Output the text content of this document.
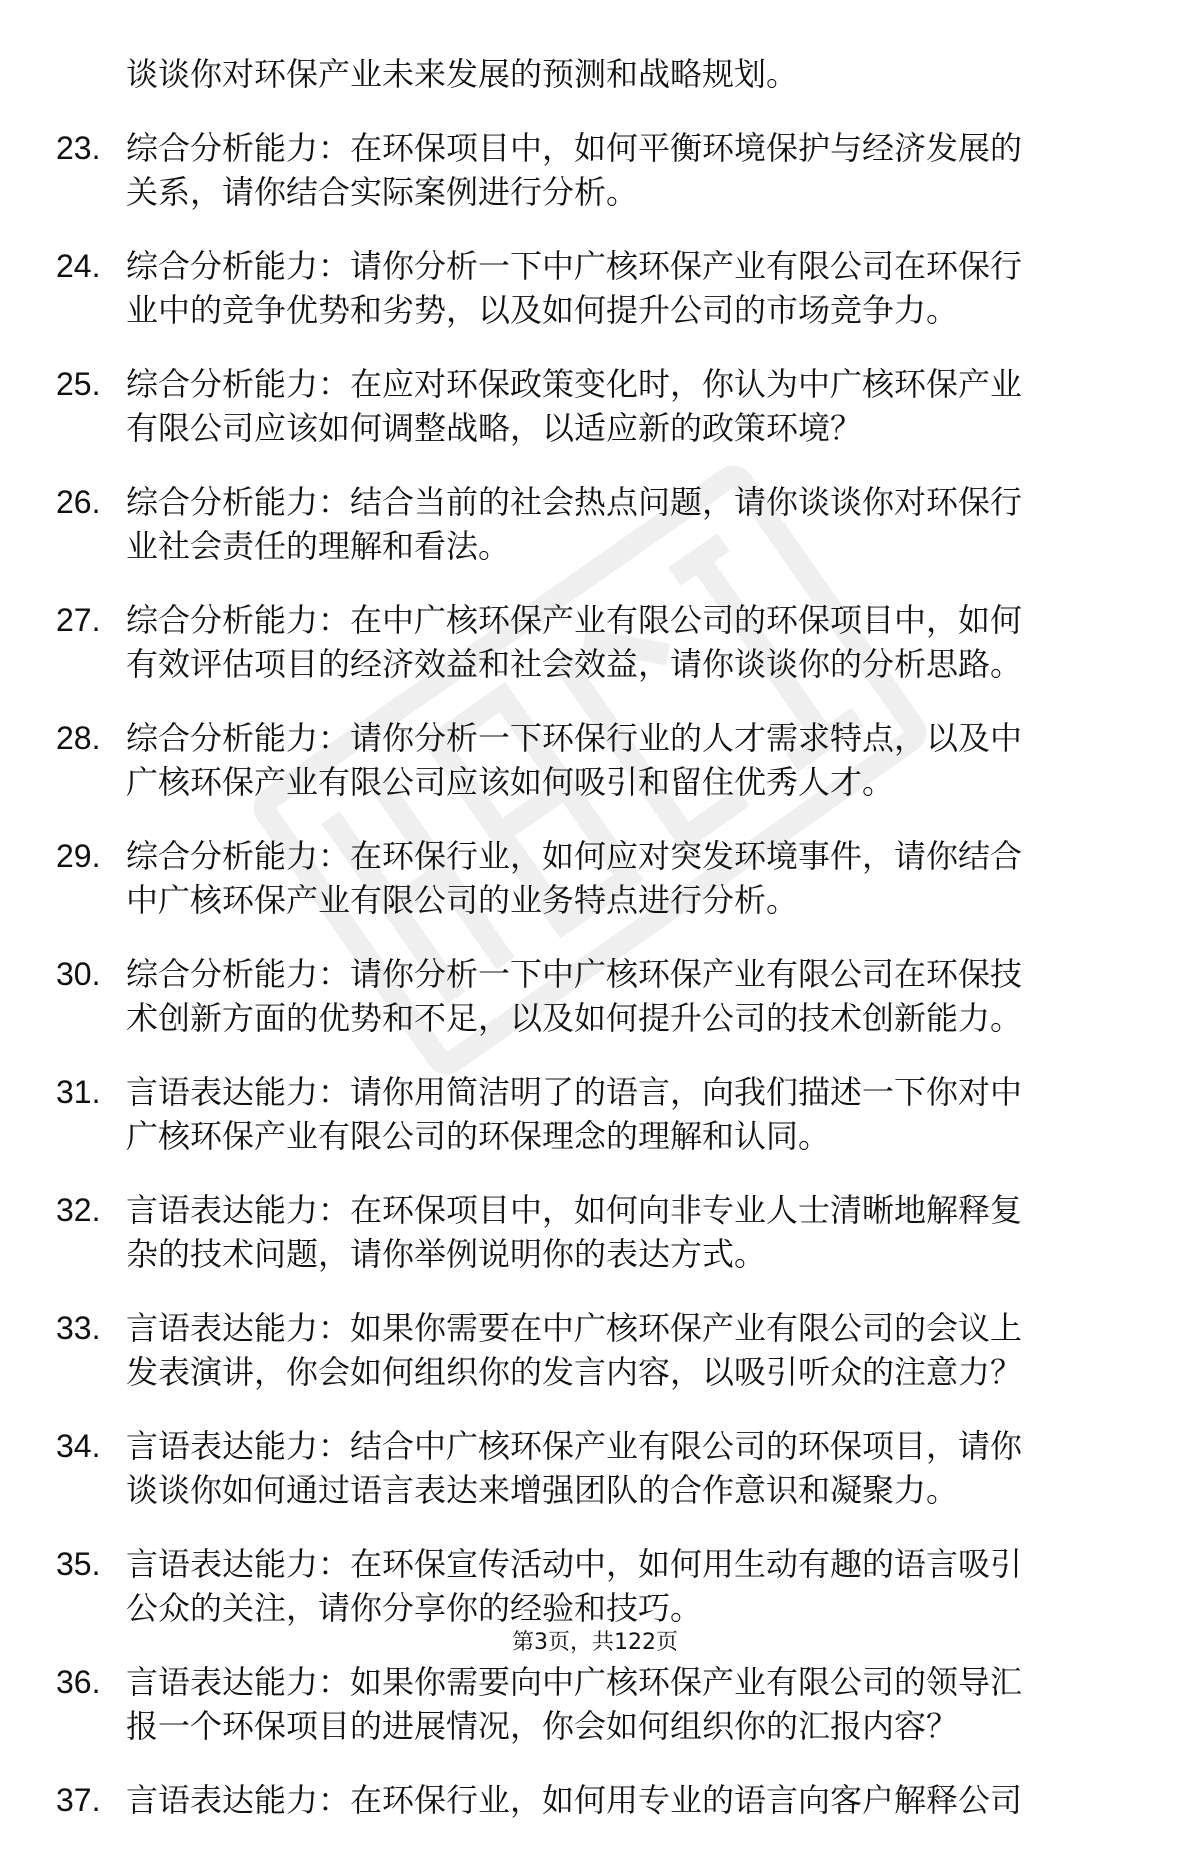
谈谈你对环保产业未来发展的预测和战略规划。
23. 综合分析能力：在环保项目中，如何平衡环境保护与经济发展的
关系，请你结合实际案例进行分析。
24. 综合分析能力：请你分析一下中广核环保产业有限公司在环保行
业中的竞争优势和劣势，以及如何提升公司的市场竞争力。
25. 综合分析能力：在应对环保政策变化时，你认为中广核环保产业
有限公司应该如何调整战略，以适应新的政策环境？
26. 综合分析能力：结合当前的社会热点问题，请你谈谈你对环保行
业社会责任的理解和看法。
27. 综合分析能力：在中广核环保产业有限公司的环保项目中，如何
有效评估项目的经济效益和社会效益，请你谈谈你的分析思路。
28. 综合分析能力：请你分析一下环保行业的人才需求特点，以及中
广核环保产业有限公司应该如何吸引和留住优秀人才。
29. 综合分析能力：在环保行业，如何应对突发环境事件，请你结合
中广核环保产业有限公司的业务特点进行分析。
30. 综合分析能力：请你分析一下中广核环保产业有限公司在环保技
术创新方面的优势和不足，以及如何提升公司的技术创新能力。
31. 言语表达能力：请你用简洁明了的语言，向我们描述一下你对中
广核环保产业有限公司的环保理念的理解和认同。
32. 言语表达能力：在环保项目中，如何向非专业人士清晰地解释复
杂的技术问题，请你举例说明你的表达方式。
33. 言语表达能力：如果你需要在中广核环保产业有限公司的会议上
发表演讲，你会如何组织你的发言内容，以吸引听众的注意力？
34. 言语表达能力：结合中广核环保产业有限公司的环保项目，请你
谈谈你如何通过语言表达来增强团队的合作意识和凝聚力。
35. 言语表达能力：在环保宣传活动中，如何用生动有趣的语言吸引
公众的关注，请你分享你的经验和技巧。
36. 言语表达能力：如果你需要向中广核环保产业有限公司的领导汇
报一个环保项目的进展情况，你会如何组织你的汇报内容？
37. 言语表达能力：在环保行业，如何用专业的语言向客户解释公司
第3页，共122页
